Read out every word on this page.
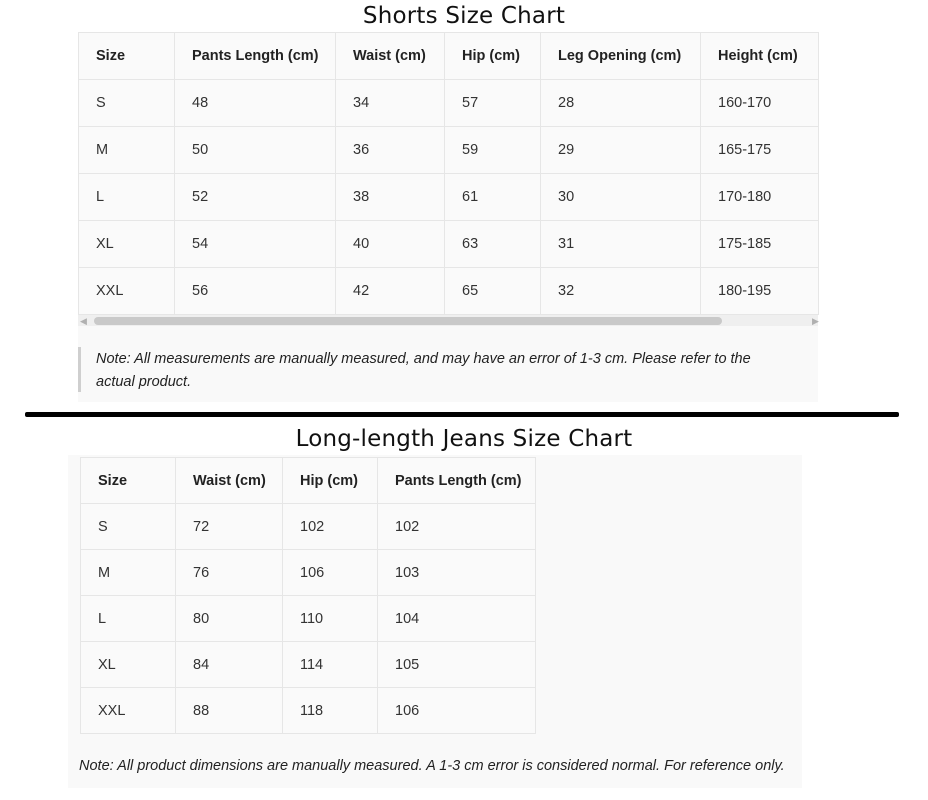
Shorts Size Chart
Size	Pants Length (cm)	Waist (cm)	Hip (cm)	Leg Opening (cm)	Height (cm)
S	48	34	57	28	160-170
M	50	36	59	29	165-175
L	52	38	61	30	170-180
XL	54	40	63	31	175-185
XXL	56	42	65	32	180-195
◀	▶
Note: All measurements are manually measured, and may have an error of 1-3 cm. Please refer to the actual product.
Long-length Jeans Size Chart
Size	Waist (cm)	Hip (cm)	Pants Length (cm)
S	72	102	102
M	76	106	103
L	80	110	104
XL	84	114	105
XXL	88	118	106
Note: All product dimensions are manually measured. A 1-3 cm error is considered normal. For reference only.
